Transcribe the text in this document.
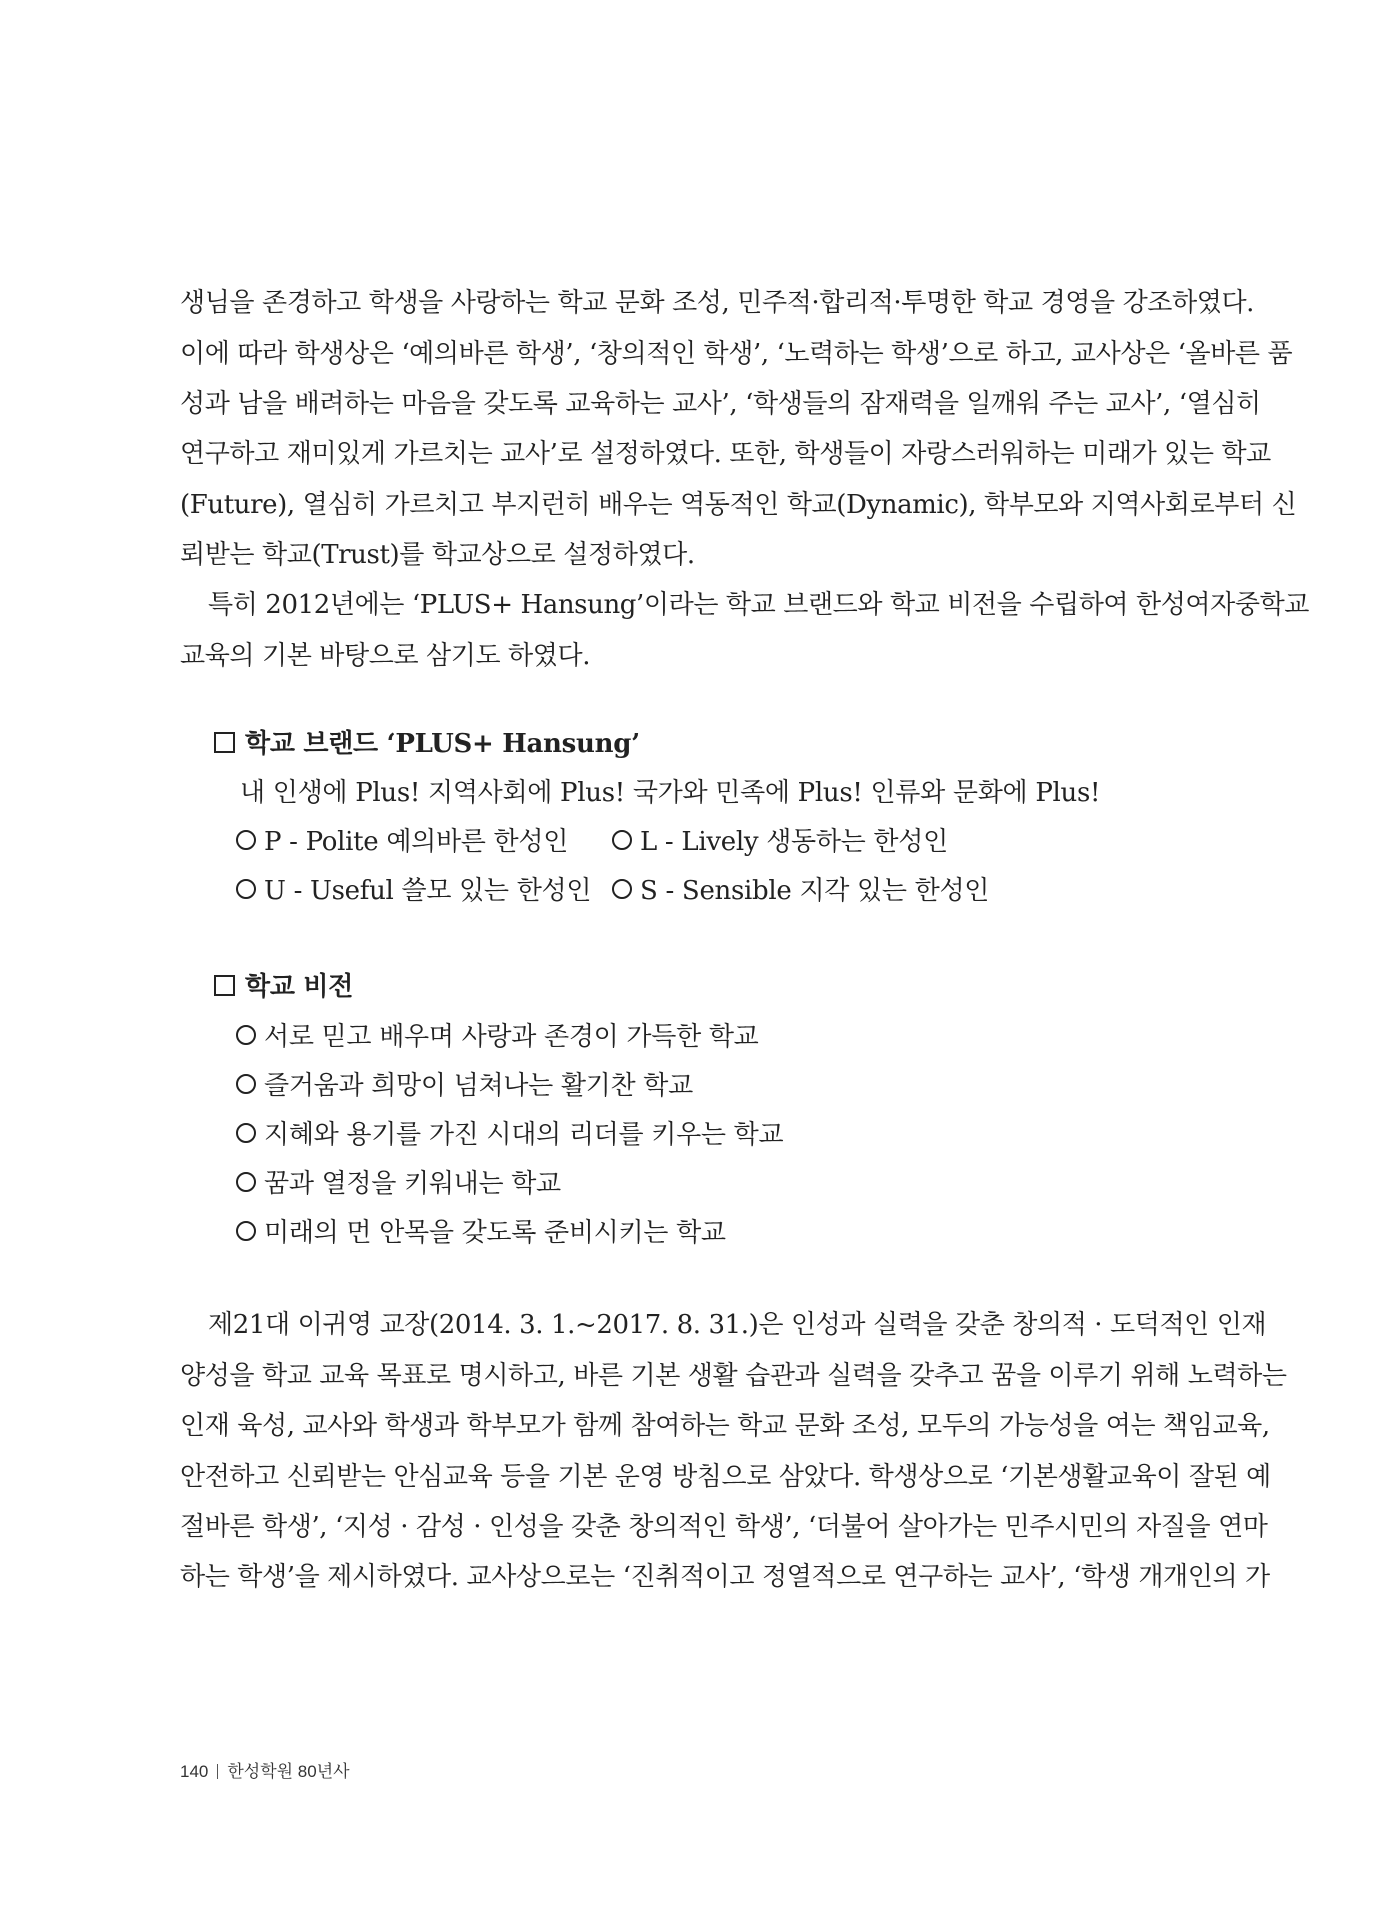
생님을 존경하고 학생을 사랑하는 학교 문화 조성, 민주적·합리적·투명한 학교 경영을 강조하였다.
이에 따라 학생상은 ‘예의바른 학생’, ‘창의적인 학생’, ‘노력하는 학생’으로 하고, 교사상은 ‘올바른 품
성과 남을 배려하는 마음을 갖도록 교육하는 교사’, ‘학생들의 잠재력을 일깨워 주는 교사’, ‘열심히
연구하고 재미있게 가르치는 교사’로 설정하였다. 또한, 학생들이 자랑스러워하는 미래가 있는 학교
(Future), 열심히 가르치고 부지런히 배우는 역동적인 학교(Dynamic), 학부모와 지역사회로부터 신
뢰받는 학교(Trust)를 학교상으로 설정하였다.
특히 2012년에는 ‘PLUS+ Hansung’이라는 학교 브랜드와 학교 비전을 수립하여 한성여자중학교
교육의 기본 바탕으로 삼기도 하였다.
학교 브랜드 ‘PLUS+ Hansung’
내 인생에 Plus! 지역사회에 Plus! 국가와 민족에 Plus! 인류와 문화에 Plus!
P - Polite 예의바른 한성인	L - Lively 생동하는 한성인
U - Useful 쓸모 있는 한성인	S - Sensible 지각 있는 한성인
학교 비전
서로 믿고 배우며 사랑과 존경이 가득한 학교
즐거움과 희망이 넘쳐나는 활기찬 학교
지혜와 용기를 가진 시대의 리더를 키우는 학교
꿈과 열정을 키워내는 학교
미래의 먼 안목을 갖도록 준비시키는 학교
제21대 이귀영 교장(2014. 3. 1.~2017. 8. 31.)은 인성과 실력을 갖춘 창의적 · 도덕적인 인재
양성을 학교 교육 목표로 명시하고, 바른 기본 생활 습관과 실력을 갖추고 꿈을 이루기 위해 노력하는
인재 육성, 교사와 학생과 학부모가 함께 참여하는 학교 문화 조성, 모두의 가능성을 여는 책임교육,
안전하고 신뢰받는 안심교육 등을 기본 운영 방침으로 삼았다. 학생상으로 ‘기본생활교육이 잘된 예
절바른 학생’, ‘지성 · 감성 · 인성을 갖춘 창의적인 학생’, ‘더불어 살아가는 민주시민의 자질을 연마
하는 학생’을 제시하였다. 교사상으로는 ‘진취적이고 정열적으로 연구하는 교사’, ‘학생 개개인의 가
140 한성학원 80년사
